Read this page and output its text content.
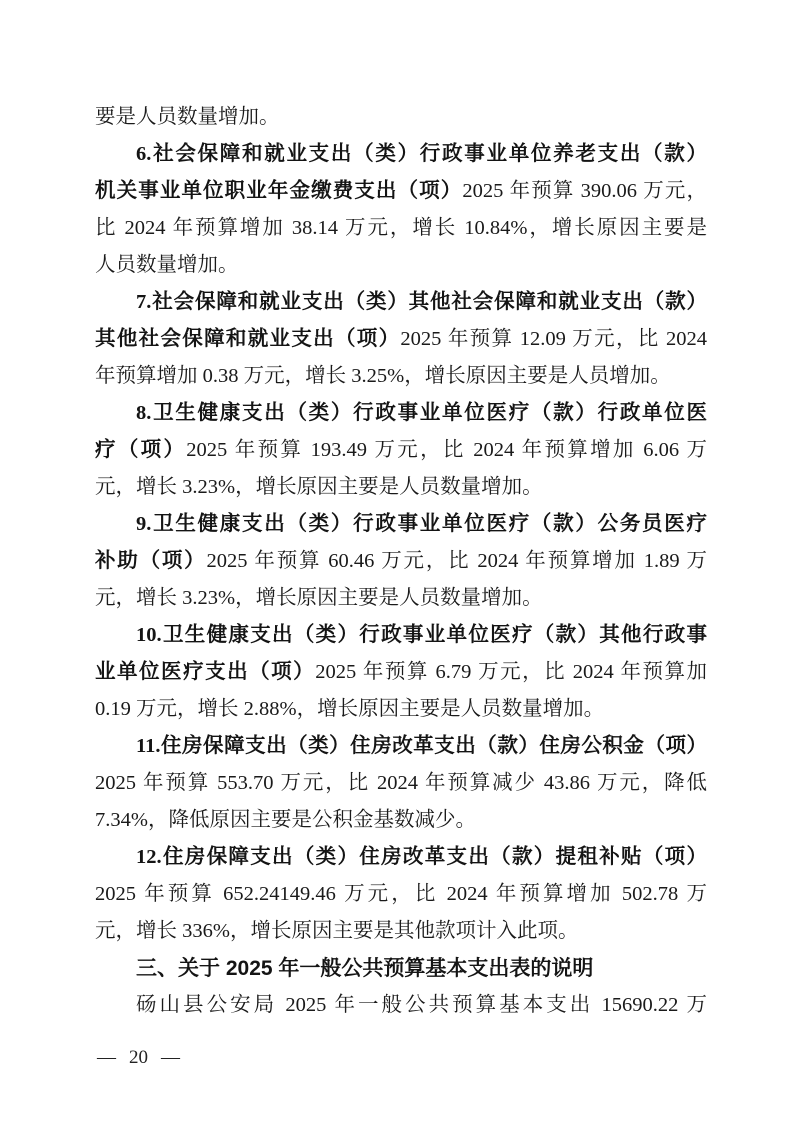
要是人员数量增加。
6.社会保障和就业支出（类）行政事业单位养老支出（款）
机关事业单位职业年金缴费支出（项）2025 年预算 390.06 万元，
比 2024 年预算增加 38.14 万元，增长 10.84%，增长原因主要是
人员数量增加。
7.社会保障和就业支出（类）其他社会保障和就业支出（款）
其他社会保障和就业支出（项）2025 年预算 12.09 万元，比 2024
年预算增加 0.38 万元，增长 3.25%，增长原因主要是人员增加。
8.卫生健康支出（类）行政事业单位医疗（款）行政单位医
疗（项）2025 年预算 193.49 万元，比 2024 年预算增加 6.06 万
元，增长 3.23%，增长原因主要是人员数量增加。
9.卫生健康支出（类）行政事业单位医疗（款）公务员医疗
补助（项）2025 年预算 60.46 万元，比 2024 年预算增加 1.89 万
元，增长 3.23%，增长原因主要是人员数量增加。
10.卫生健康支出（类）行政事业单位医疗（款）其他行政事
业单位医疗支出（项）2025 年预算 6.79 万元，比 2024 年预算加
0.19 万元，增长 2.88%，增长原因主要是人员数量增加。
11.住房保障支出（类）住房改革支出（款）住房公积金（项）
2025 年预算 553.70 万元，比 2024 年预算减少 43.86 万元，降低
7.34%，降低原因主要是公积金基数减少。
12.住房保障支出（类）住房改革支出（款）提租补贴（项）
2025 年预算 652.24149.46 万元，比 2024 年预算增加 502.78 万
元，增长 336%，增长原因主要是其他款项计入此项。
三、关于 2025 年一般公共预算基本支出表的说明
砀山县公安局 2025 年一般公共预算基本支出 15690.22 万
— 20 —
